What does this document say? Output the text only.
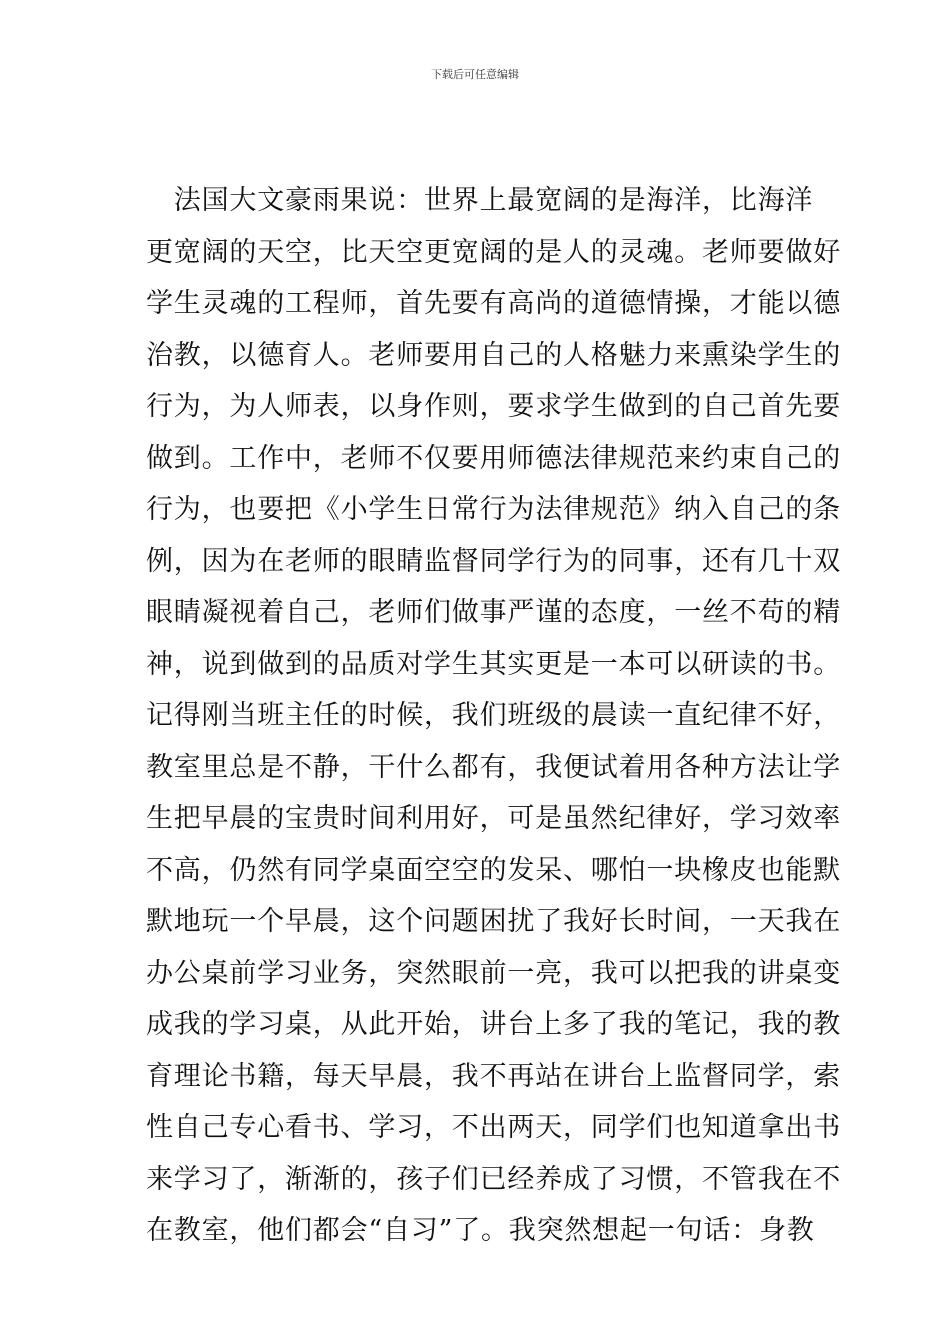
下载后可任意编辑
　法国大文豪雨果说：世界上最宽阔的是海洋，比海洋
更宽阔的天空，比天空更宽阔的是人的灵魂。老师要做好
学生灵魂的工程师，首先要有高尚的道德情操，才能以德
治教，以德育人。老师要用自己的人格魅力来熏染学生的
行为，为人师表，以身作则，要求学生做到的自己首先要
做到。工作中，老师不仅要用师德法律规范来约束自己的
行为，也要把《小学生日常行为法律规范》纳入自己的条
例，因为在老师的眼睛监督同学行为的同事，还有几十双
眼睛凝视着自己，老师们做事严谨的态度，一丝不苟的精
神，说到做到的品质对学生其实更是一本可以研读的书。
记得刚当班主任的时候，我们班级的晨读一直纪律不好，
教室里总是不静，干什么都有，我便试着用各种方法让学
生把早晨的宝贵时间利用好，可是虽然纪律好，学习效率
不高，仍然有同学桌面空空的发呆、哪怕一块橡皮也能默
默地玩一个早晨，这个问题困扰了我好长时间，一天我在
办公桌前学习业务，突然眼前一亮，我可以把我的讲桌变
成我的学习桌，从此开始，讲台上多了我的笔记，我的教
育理论书籍，每天早晨，我不再站在讲台上监督同学，索
性自己专心看书、学习，不出两天，同学们也知道拿出书
来学习了，渐渐的，孩子们已经养成了习惯，不管我在不
在教室，他们都会“自习”了。我突然想起一句话：身教
